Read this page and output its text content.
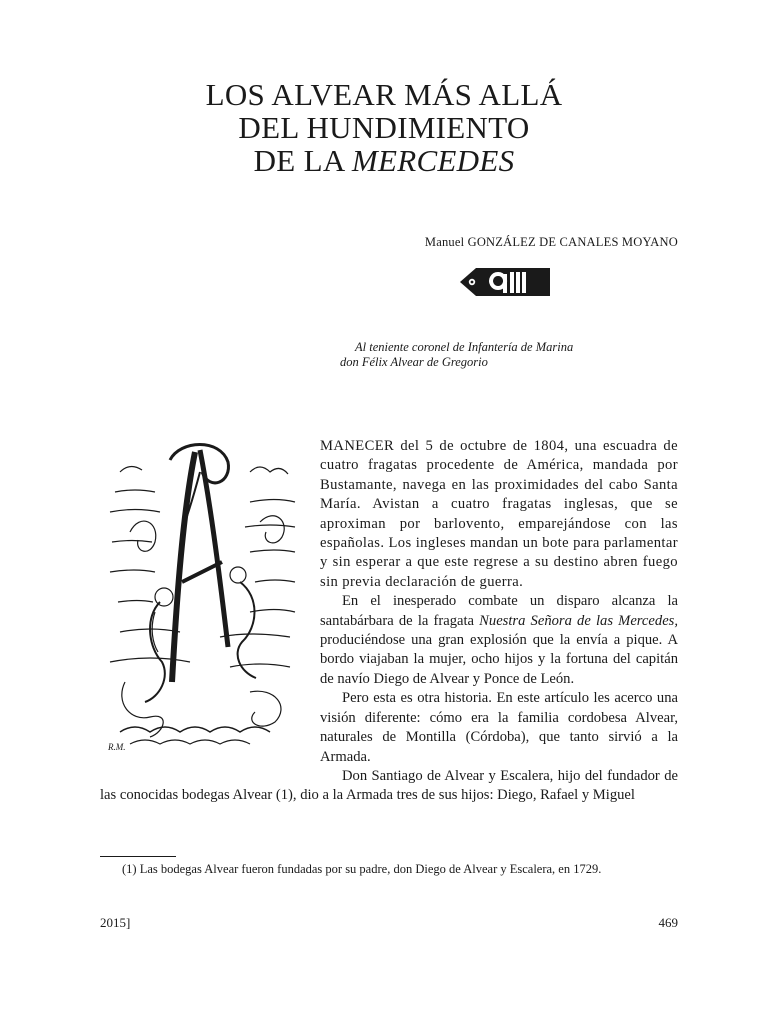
LOS ALVEAR MÁS ALLÁ
DEL HUNDIMIENTO
DE LA MERCEDES
Manuel GONZÁLEZ DE CANALES MOYANO
Al teniente coronel de Infantería de Marina
don Félix Alvear de Gregorio
R.M.

MANECER del 5 de octubre de 1804, una escuadra de cuatro fragatas procedente de América, mandada por Bustamante, navega en las proximidades del cabo Santa María. Avistan a cuatro fragatas inglesas, que se aproximan por barlovento, emparejándose con las españolas. Los ingleses mandan un bote para parlamentar y sin esperar a que este regrese a su destino abren fuego sin previa declaración de guerra.

En el inesperado combate un disparo alcanza la santabárbara de la fragata Nuestra Señora de las Mercedes, produciéndose una gran explosión que la envía a pique. A bordo viajaban la mujer, ocho hijos y la fortuna del capitán de navío Diego de Alvear y Ponce de León.

Pero esta es otra historia. En este artículo les acerco una visión diferente: cómo era la familia cordobesa Alvear, naturales de Montilla (Córdoba), que tanto sirvió a la Armada.

Don Santiago de Alvear y Escalera, hijo del fundador de las conocidas bodegas Alvear (1), dio a la Armada tres de sus hijos: Diego, Rafael y Miguel

(1) Las bodegas Alvear fueron fundadas por su padre, don Diego de Alvear y Escalera, en 1729.
2015]	469
